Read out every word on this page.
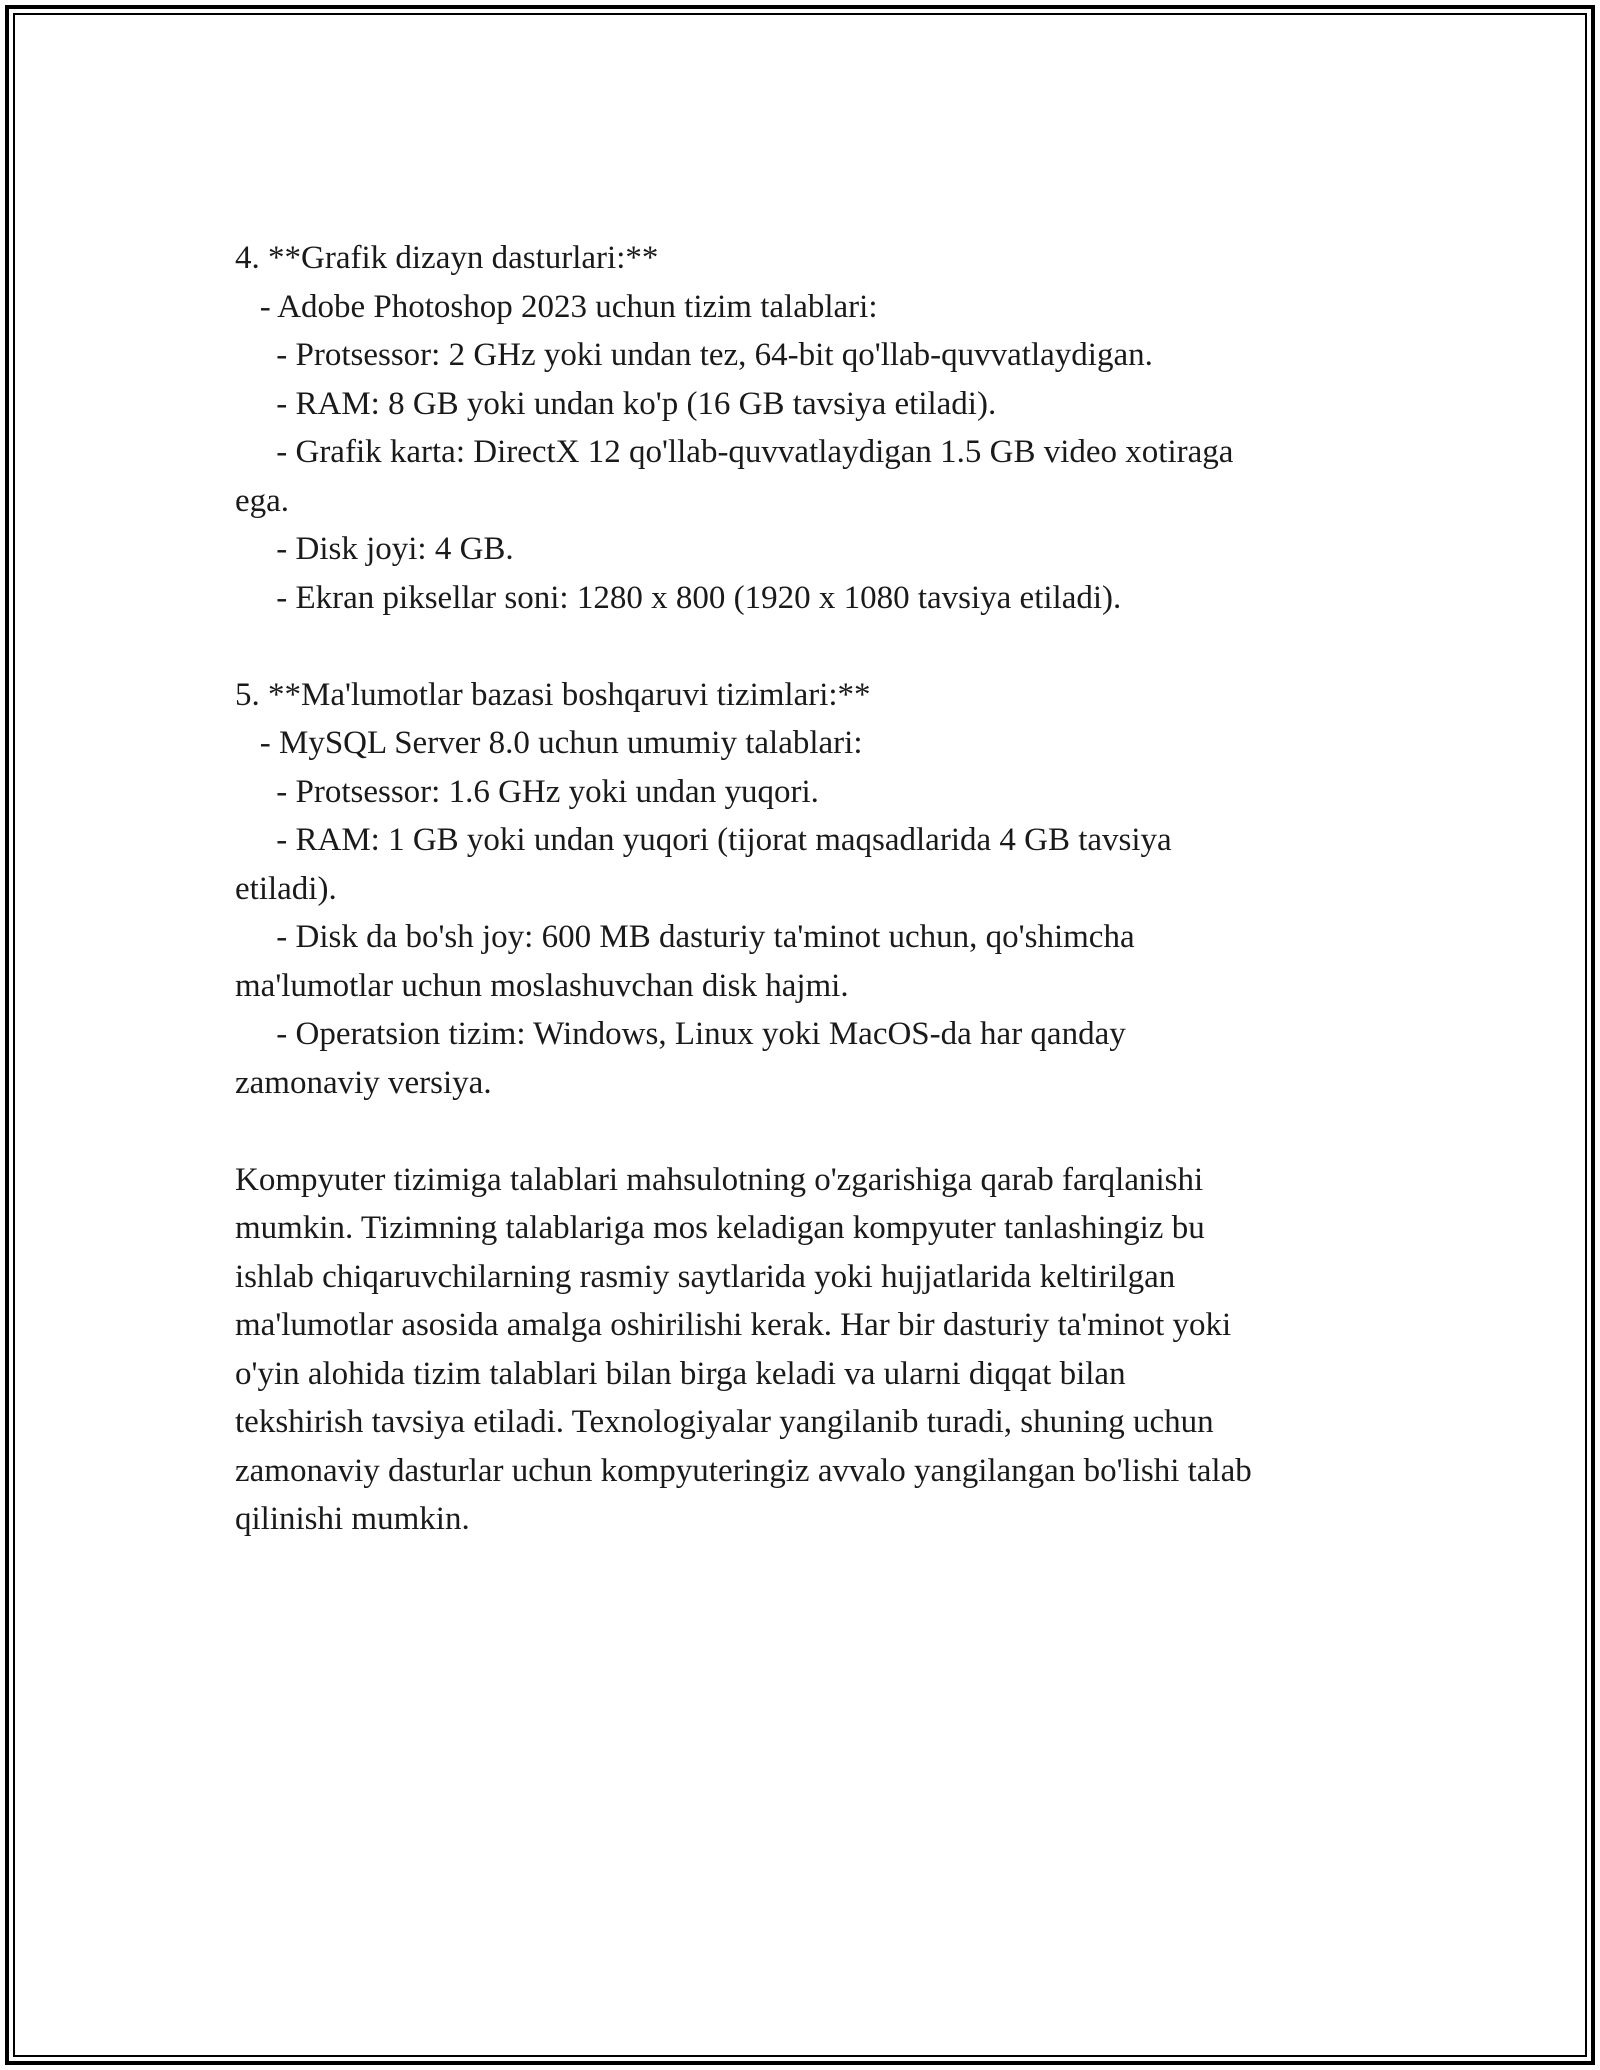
4. **Grafik dizayn dasturlari:**
- Adobe Photoshop 2023 uchun tizim talablari:
- Protsessor: 2 GHz yoki undan tez, 64-bit qo'llab-quvvatlaydigan.
- RAM: 8 GB yoki undan ko'p (16 GB tavsiya etiladi).
- Grafik karta: DirectX 12 qo'llab-quvvatlaydigan 1.5 GB video xotiraga
ega.
- Disk joyi: 4 GB.
- Ekran piksellar soni: 1280 x 800 (1920 x 1080 tavsiya etiladi).
5. **Ma'lumotlar bazasi boshqaruvi tizimlari:**
- MySQL Server 8.0 uchun umumiy talablari:
- Protsessor: 1.6 GHz yoki undan yuqori.
- RAM: 1 GB yoki undan yuqori (tijorat maqsadlarida 4 GB tavsiya
etiladi).
- Disk da bo'sh joy: 600 MB dasturiy ta'minot uchun, qo'shimcha
ma'lumotlar uchun moslashuvchan disk hajmi.
- Operatsion tizim: Windows, Linux yoki MacOS-da har qanday
zamonaviy versiya.
Kompyuter tizimiga talablari mahsulotning o'zgarishiga qarab farqlanishi
mumkin. Tizimning talablariga mos keladigan kompyuter tanlashingiz bu
ishlab chiqaruvchilarning rasmiy saytlarida yoki hujjatlarida keltirilgan
ma'lumotlar asosida amalga oshirilishi kerak. Har bir dasturiy ta'minot yoki
o'yin alohida tizim talablari bilan birga keladi va ularni diqqat bilan
tekshirish tavsiya etiladi. Texnologiyalar yangilanib turadi, shuning uchun
zamonaviy dasturlar uchun kompyuteringiz avvalo yangilangan bo'lishi talab
qilinishi mumkin.
